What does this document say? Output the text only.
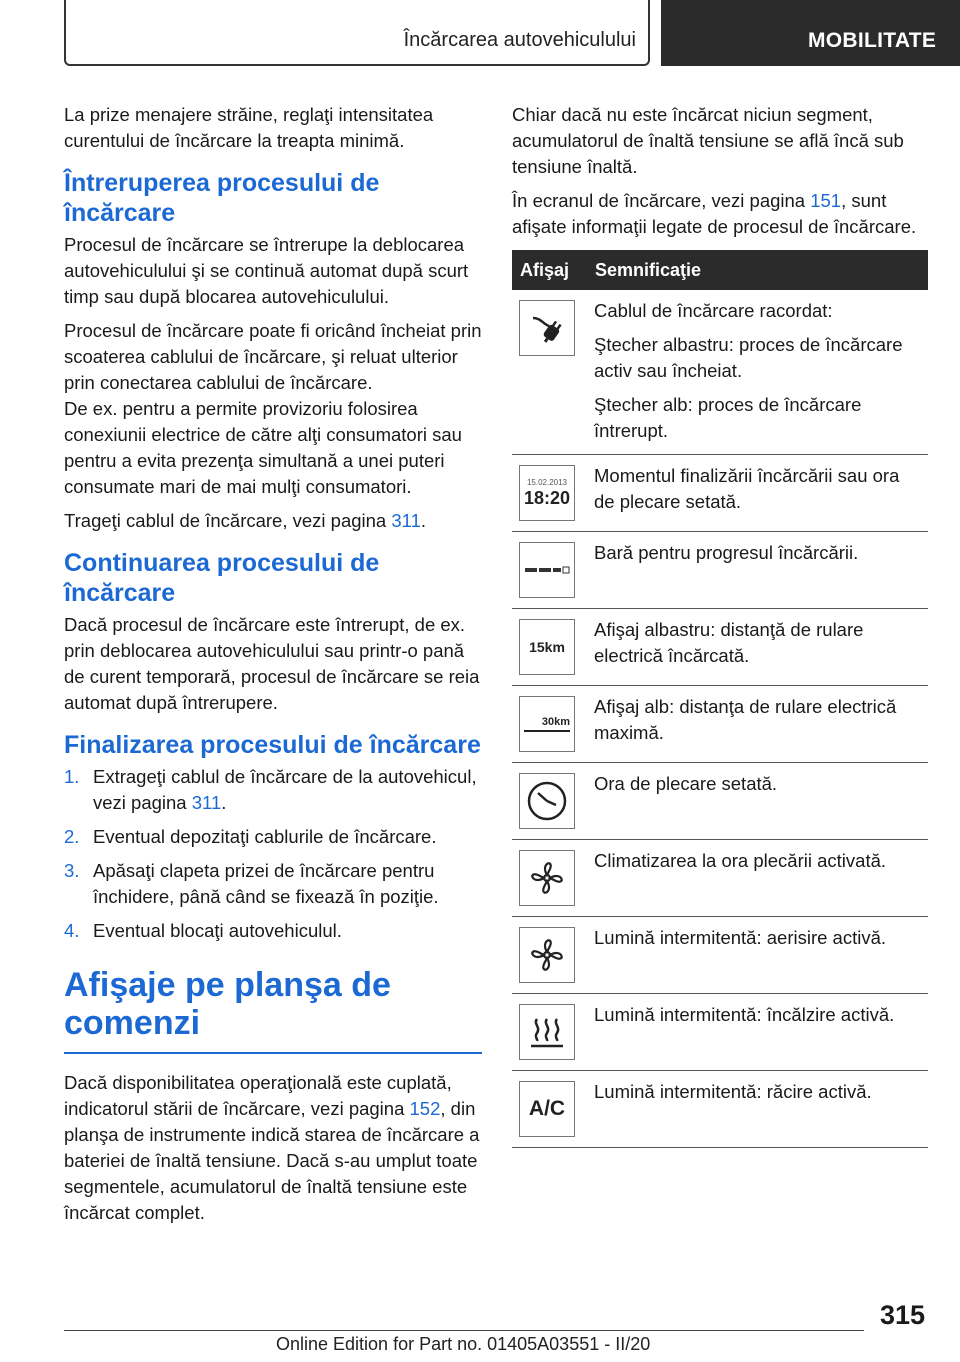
Încărcarea autovehiculului	MOBILITATE

La prize menajere străine, reglaţi intensitatea curentului de încărcare la treapta minimă.

Întreruperea procesului de încărcare

Procesul de încărcare se întrerupe la deblocarea autovehiculului şi se continuă automat după scurt timp sau după blocarea autovehiculului.

Procesul de încărcare poate fi oricând încheiat prin scoaterea cablului de încărcare, şi reluat ulterior prin conectarea cablului de încărcare.

De ex. pentru a permite provizoriu folosirea conexiunii electrice de către alţi consumatori sau pentru a evita prezenţa simultană a unei puteri consumate mari de mai mulţi consumatori.

Trageţi cablul de încărcare, vezi pagina 311.

Continuarea procesului de încărcare

Dacă procesul de încărcare este întrerupt, de ex. prin deblocarea autovehiculului sau printr-o pană de curent temporară, procesul de încărcare se reia automat după întrerupere.

Finalizarea procesului de încărcare
1. Extrageţi cablul de încărcare de la autovehicul, vezi pagina 311.
2. Eventual depozitaţi cablurile de încărcare.
3. Apăsaţi clapeta prizei de încărcare pentru închidere, până când se fixează în poziţie.
4. Eventual blocaţi autovehiculul.
Afişaje pe planşa de comenzi

Dacă disponibilitatea operaţională este cuplată, indicatorul stării de încărcare, vezi pagina 152, din planşa de instrumente indică starea de încărcare a bateriei de înaltă tensiune. Dacă s-au umplut toate segmentele, acumulatorul de înaltă tensiune este încărcat complet.

Chiar dacă nu este încărcat niciun segment, acumulatorul de înaltă tensiune se află încă sub tensiune înaltă.

În ecranul de încărcare, vezi pagina 151, sunt afişate informaţii legate de procesul de încărcare.

Afişaj	Semnificaţie

Cablul de încărcare racordat:
Ştecher albastru: proces de încărcare activ sau încheiat.
Ştecher alb: proces de încărcare întrerupt.

15.02.2013
18:20	Momentul finalizării încărcării sau ora de plecare setată.

Bară pentru progresul încărcării.

15km	Afişaj albastru: distanţă de rulare electrică încărcată.

30km	Afişaj alb: distanţa de rulare electrică maximă.

Ora de plecare setată.

Climatizarea la ora plecării activată.

Lumină intermitentă: aerisire activă.

Lumină intermitentă: încălzire activă.

A/C	Lumină intermitentă: răcire activă.
315
Online Edition for Part no. 01405A03551 - II/20
